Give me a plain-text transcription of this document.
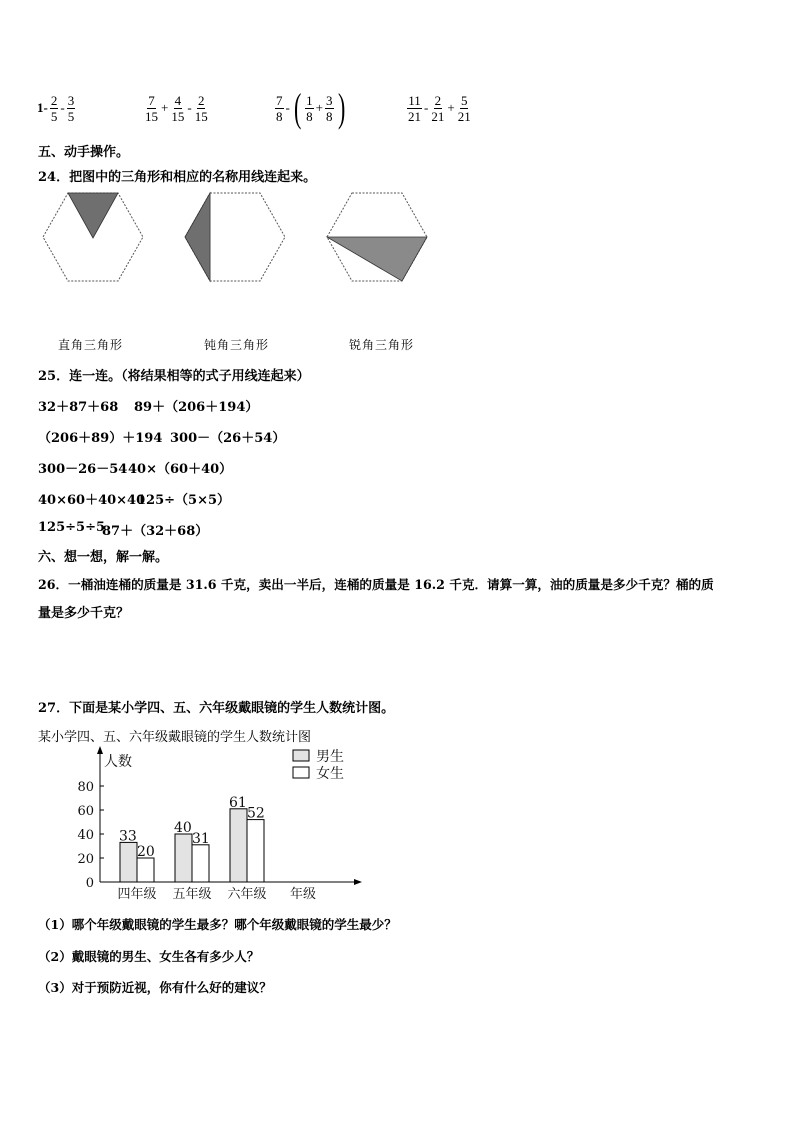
$1- \frac{2}{5} - \frac{3}{5}$	$\frac{7}{15} + \frac{4}{15} - \frac{2}{15}$	$\frac{7}{8}$ - ( $\frac{1}{8} + \frac{3}{8}$ )	$\frac{11}{21} - \frac{2}{21} + \frac{5}{21}$
五、动手操作。
24．把图中的三角形和相应的名称用线连起来。
直角三角形	钝角三角形	锐角三角形
25．连一连。（将结果相等的式子用线连起来）
32＋87＋68 89＋（206＋194）
（206＋89）＋194 300－（26＋54）
300－26－54 40×（60＋40）
40×60＋40×40
125÷（5×5）
125÷5÷5
87＋（32＋68）
六、想一想，解一解。
26．一桶油连桶的质量是 31.6 千克，卖出一半后，连桶的质量是 16.2 千克．请算一算，油的质量是多少千克？桶的质
量是多少千克？
27．下面是某小学四、五、六年级戴眼镜的学生人数统计图。
某小学四、五、六年级戴眼镜的学生人数统计图
人数
0
20
40
60
80
年级
33
20
四年级
40
31
五年级
61
52
六年级
男生
女生
（1）哪个年级戴眼镜的学生最多？哪个年级戴眼镜的学生最少？
（2）戴眼镜的男生、女生各有多少人？
（3）对于预防近视，你有什么好的建议？
